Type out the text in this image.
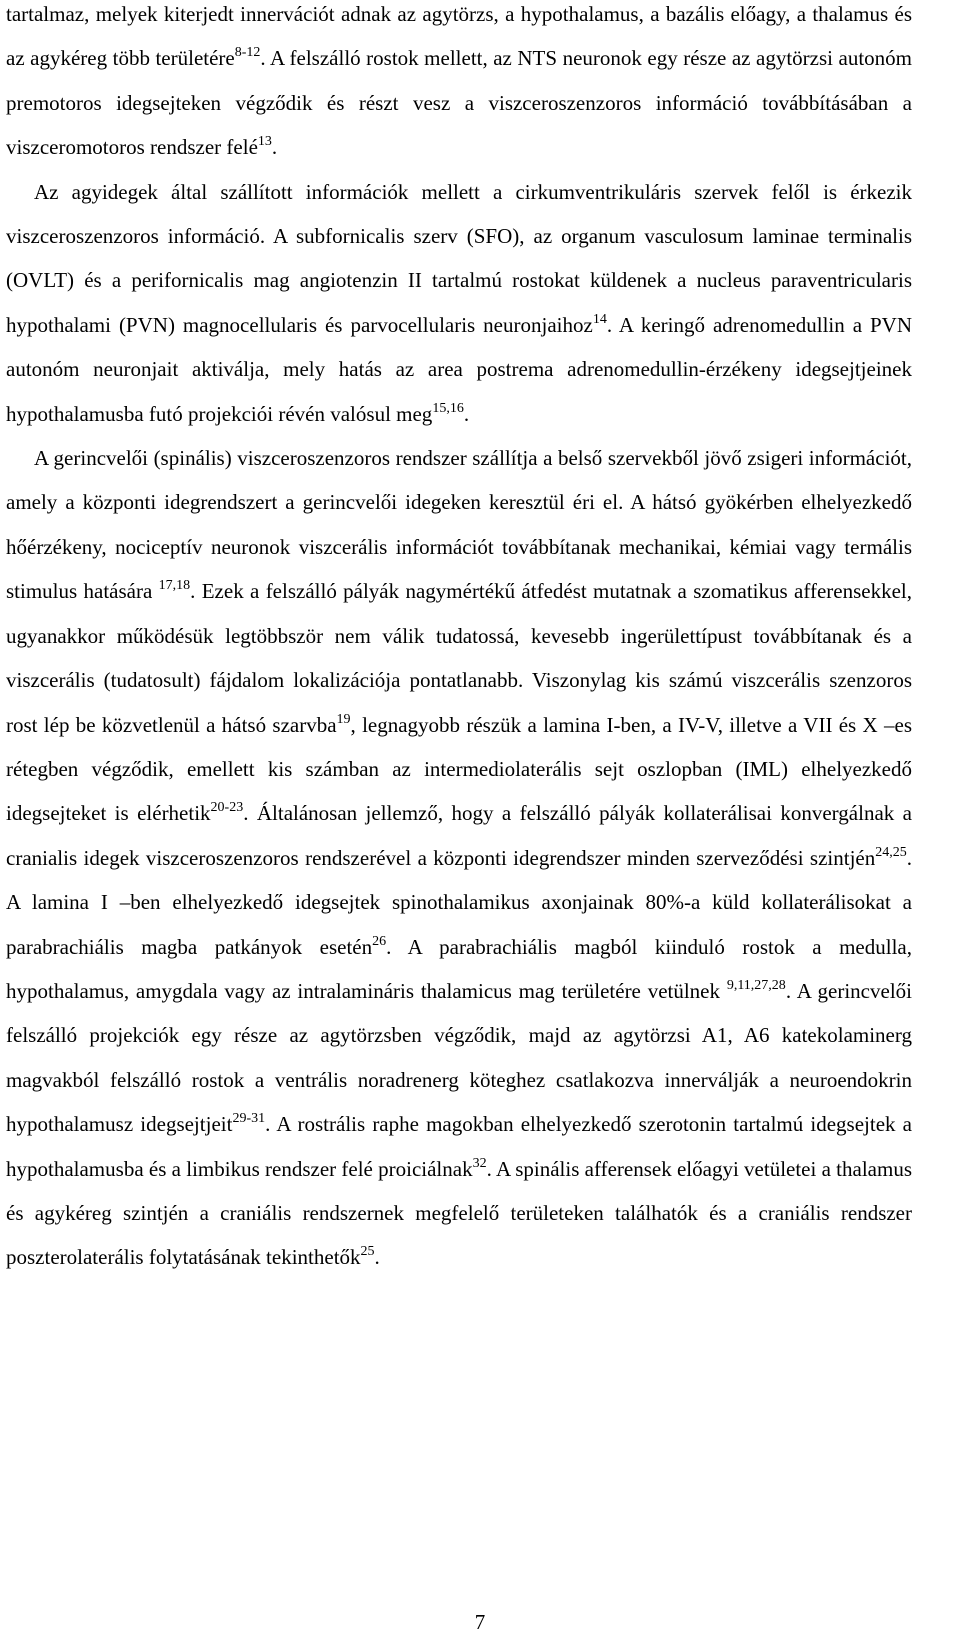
tartalmaz, melyek kiterjedt innervációt adnak az agytörzs, a hypothalamus, a bazális előagy, a thalamus és az agykéreg több területére$^{8-12}$. A felszálló rostok mellett, az NTS neuronok egy része az agytörzsi autonóm premotoros idegsejteken végződik és részt vesz a viszceroszenzoros információ továbbításában a viszceromotoros rendszer felé$^{13}$.

Az agyidegek által szállított információk mellett a cirkumventrikuláris szervek felől is érkezik viszceroszenzoros információ. A subfornicalis szerv (SFO), az organum vasculosum laminae terminalis (OVLT) és a perifornicalis mag angiotenzin II tartalmú rostokat küldenek a nucleus paraventricularis hypothalami (PVN) magnocellularis és parvocellularis neuronjaihoz$^{14}$. A keringő adrenomedullin a PVN autonóm neuronjait aktiválja, mely hatás az area postrema adrenomedullin-érzékeny idegsejtjeinek hypothalamusba futó projekciói révén valósul meg$^{15,16}$.

A gerincvelői (spinális) viszceroszenzoros rendszer szállítja a belső szervekből jövő zsigeri információt, amely a központi idegrendszert a gerincvelői idegeken keresztül éri el. A hátsó gyökérben elhelyezkedő hőérzékeny, nociceptív neuronok viszcerális információt továbbítanak mechanikai, kémiai vagy termális stimulus hatására $^{17,18}$. Ezek a felszálló pályák nagymértékű átfedést mutatnak a szomatikus afferensekkel, ugyanakkor működésük legtöbbször nem válik tudatossá, kevesebb ingerülettípust továbbítanak és a viszcerális (tudatosult) fájdalom lokalizációja pontatlanabb. Viszonylag kis számú viszcerális szenzoros rost lép be közvetlenül a hátsó szarvba$^{19}$, legnagyobb részük a lamina I-ben, a IV-V, illetve a VII és X –es rétegben végződik, emellett kis számban az intermediolaterális sejt oszlopban (IML) elhelyezkedő idegsejteket is elérhetik$^{20-23}$. Általánosan jellemző, hogy a felszálló pályák kollaterálisai konvergálnak a cranialis idegek viszceroszenzoros rendszerével a központi idegrendszer minden szerveződési szintjén$^{24,25}$. A lamina I –ben elhelyezkedő idegsejtek spinothalamikus axonjainak 80%-a küld kollaterálisokat a parabrachiális magba patkányok esetén$^{26}$. A parabrachiális magból kiinduló rostok a medulla, hypothalamus, amygdala vagy az intralamináris thalamicus mag területére vetülnek $^{9,11,27,28}$. A gerincvelői felszálló projekciók egy része az agytörzsben végződik, majd az agytörzsi A1, A6 katekolaminerg magvakból felszálló rostok a ventrális noradrenerg köteghez csatlakozva innerválják a neuroendokrin hypothalamusz idegsejtjeit$^{29-31}$. A rostrális raphe magokban elhelyezkedő szerotonin tartalmú idegsejtek a hypothalamusba és a limbikus rendszer felé proiciálnak$^{32}$. A spinális afferensek előagyi vetületei a thalamus és agykéreg szintjén a craniális rendszernek megfelelő területeken találhatók és a craniális rendszer poszterolaterális folytatásának tekinthetők$^{25}$.

7
